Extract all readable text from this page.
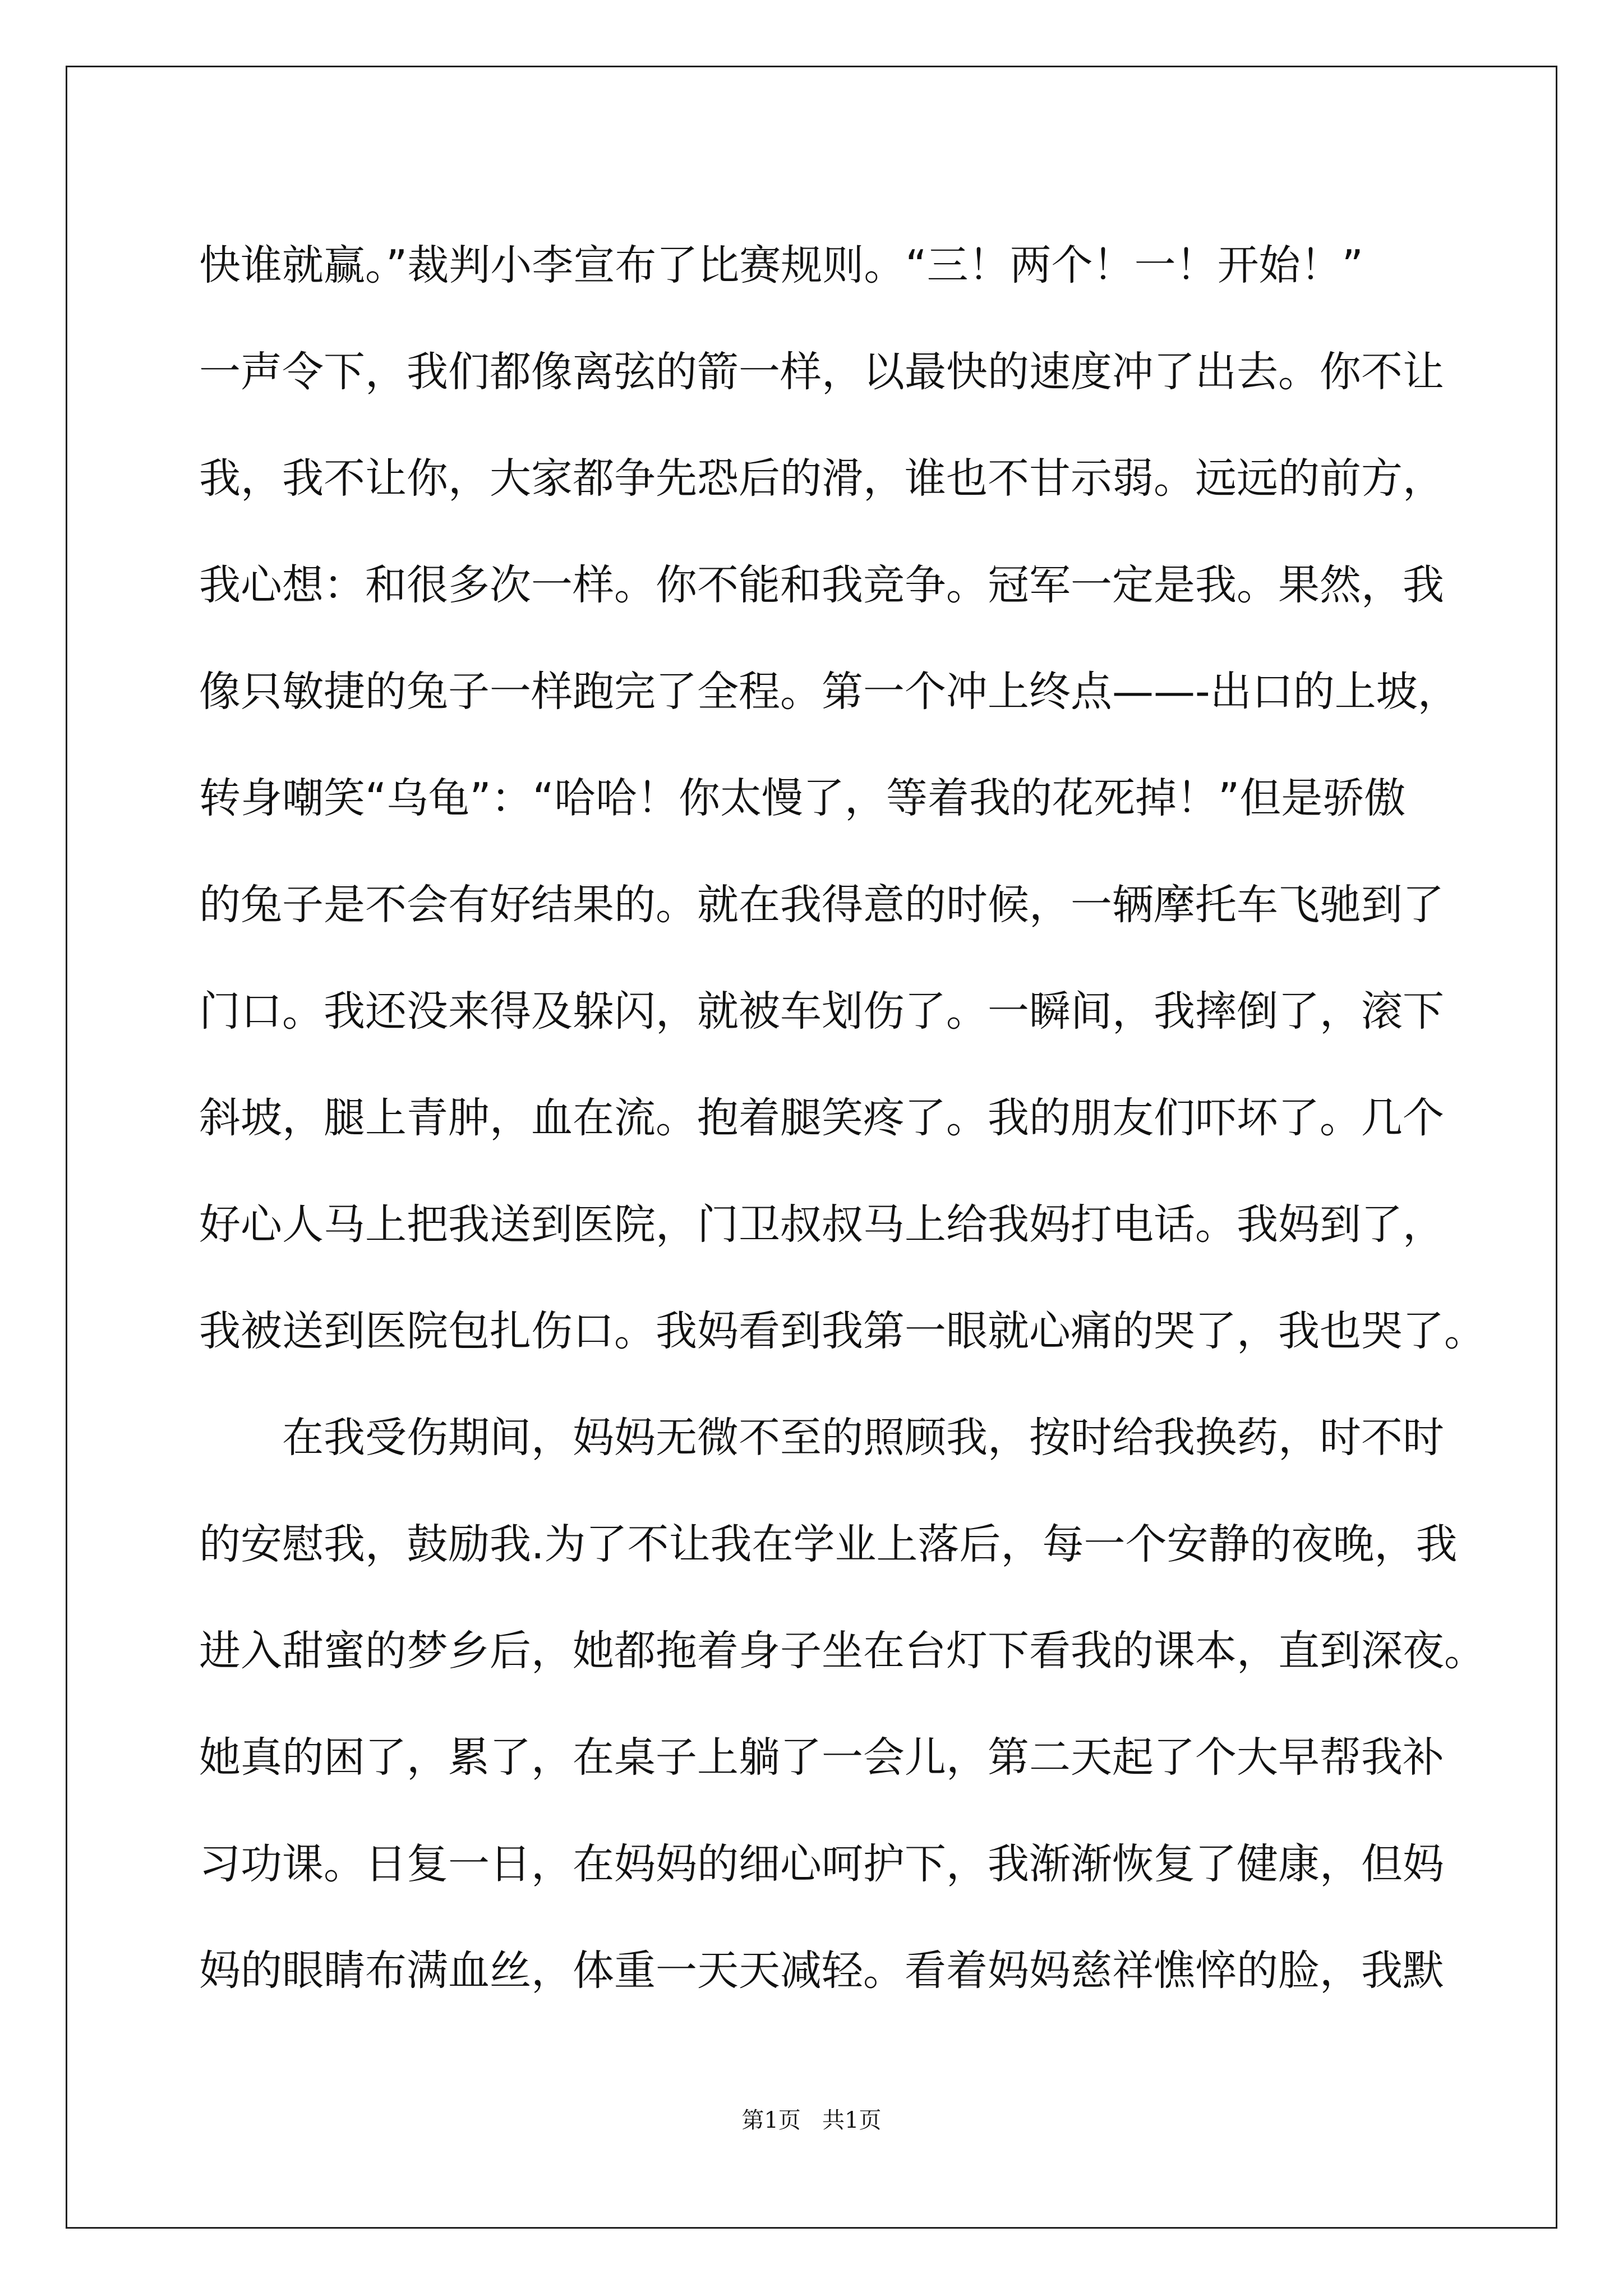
快谁就赢。”裁判小李宣布了比赛规则。“三！两个！一！开始！”
一声令下，我们都像离弦的箭一样，以最快的速度冲了出去。你不让
我，我不让你，大家都争先恐后的滑，谁也不甘示弱。远远的前方，
我心想：和很多次一样。你不能和我竞争。冠军一定是我。果然，我
像只敏捷的兔子一样跑完了全程。第一个冲上终点——-出口的上坡，
转身嘲笑“乌龟”：“哈哈！你太慢了，等着我的花死掉！”但是骄傲
的兔子是不会有好结果的。就在我得意的时候，一辆摩托车飞驰到了
门口。我还没来得及躲闪，就被车划伤了。一瞬间，我摔倒了，滚下
斜坡，腿上青肿，血在流。抱着腿笑疼了。我的朋友们吓坏了。几个
好心人马上把我送到医院，门卫叔叔马上给我妈打电话。我妈到了，
我被送到医院包扎伤口。我妈看到我第一眼就心痛的哭了，我也哭了。
　　在我受伤期间，妈妈无微不至的照顾我，按时给我换药，时不时
的安慰我，鼓励我.为了不让我在学业上落后，每一个安静的夜晚，我
进入甜蜜的梦乡后，她都拖着身子坐在台灯下看我的课本，直到深夜。
她真的困了，累了，在桌子上躺了一会儿，第二天起了个大早帮我补
习功课。日复一日，在妈妈的细心呵护下，我渐渐恢复了健康，但妈
妈的眼睛布满血丝，体重一天天减轻。看着妈妈慈祥憔悴的脸，我默
第1页   共1页
